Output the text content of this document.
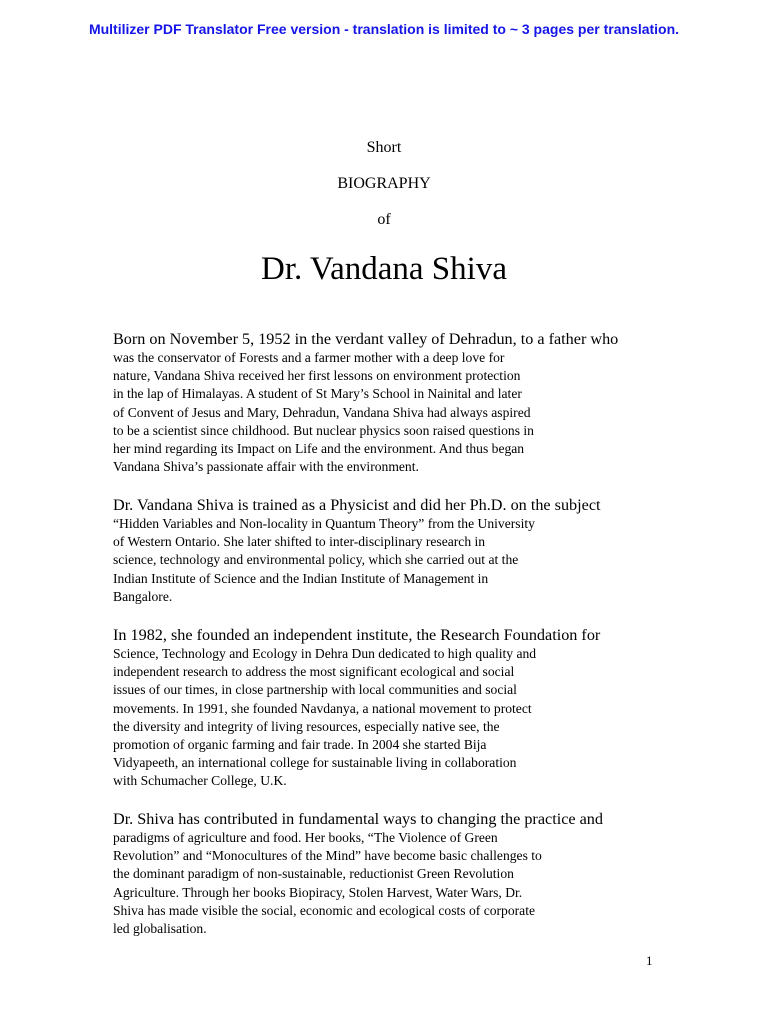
Multilizer PDF Translator Free version - translation is limited to ~ 3 pages per translation.
Short
BIOGRAPHY
of
Dr. Vandana Shiva
Born on November 5, 1952 in the verdant valley of Dehradun, to a father who
was the conservator of Forests and a farmer mother with a deep love for
nature, Vandana Shiva received her first lessons on environment protection
in the lap of Himalayas. A student of St Mary’s School in Nainital and later
of Convent of Jesus and Mary, Dehradun, Vandana Shiva had always aspired
to be a scientist since childhood. But nuclear physics soon raised questions in
her mind regarding its Impact on Life and the environment. And thus began
Vandana Shiva’s passionate affair with the environment.
Dr. Vandana Shiva is trained as a Physicist and did her Ph.D. on the subject
“Hidden Variables and Non-locality in Quantum Theory” from the University
of Western Ontario. She later shifted to inter-disciplinary research in
science, technology and environmental policy, which she carried out at the
Indian Institute of Science and the Indian Institute of Management in
Bangalore.
In 1982, she founded an independent institute, the Research Foundation for
Science, Technology and Ecology in Dehra Dun dedicated to high quality and
independent research to address the most significant ecological and social
issues of our times, in close partnership with local communities and social
movements. In 1991, she founded Navdanya, a national movement to protect
the diversity and integrity of living resources, especially native see, the
promotion of organic farming and fair trade. In 2004 she started Bija
Vidyapeeth, an international college for sustainable living in collaboration
with Schumacher College, U.K.
Dr. Shiva has contributed in fundamental ways to changing the practice and
paradigms of agriculture and food. Her books, “The Violence of Green
Revolution” and “Monocultures of the Mind” have become basic challenges to
the dominant paradigm of non-sustainable, reductionist Green Revolution
Agriculture. Through her books Biopiracy, Stolen Harvest, Water Wars, Dr.
Shiva has made visible the social, economic and ecological costs of corporate
led globalisation.
1
